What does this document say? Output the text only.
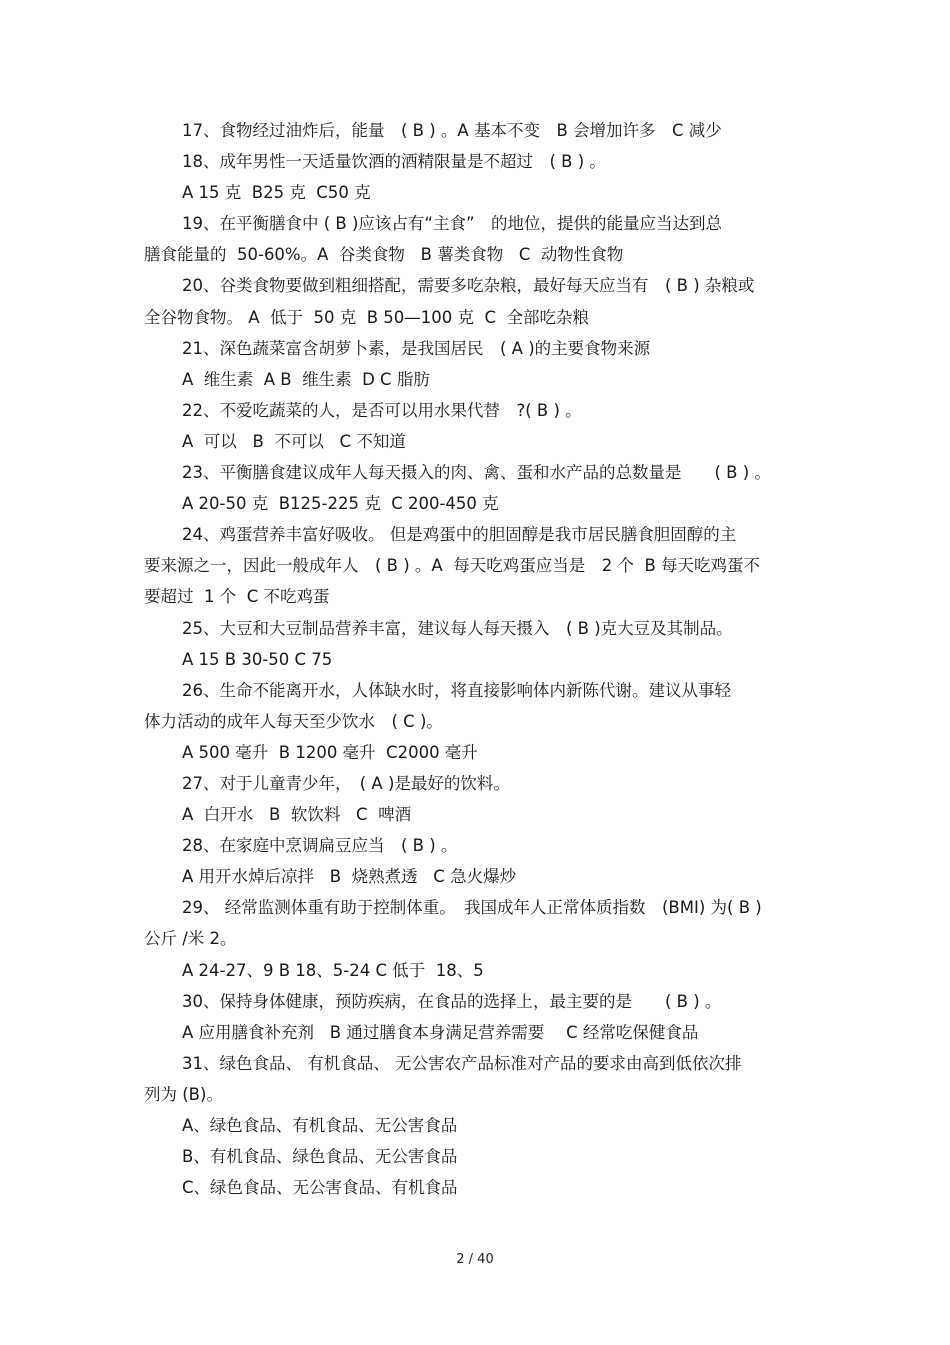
17、食物经过油炸后，能量　( B ) 。A 基本不变　B 会增加许多　C 减少
18、成年男性一天适量饮酒的酒精限量是不超过　( B ) 。
A 15 克  B25 克  C50 克
19、在平衡膳食中 ( B )应该占有“主食”　的地位，提供的能量应当达到总
膳食能量的  50-60%。A  谷类食物   B 薯类食物   C  动物性食物
20、谷类食物要做到粗细搭配，需要多吃杂粮，最好每天应当有　( B ) 杂粮或
全谷物食物。 A  低于  50 克  B 50—100 克  C  全部吃杂粮
21、深色蔬菜富含胡萝卜素，是我国居民　( A )的主要食物来源
A  维生素  A B  维生素  D C 脂肪
22、不爱吃蔬菜的人，是否可以用水果代替　?( B ) 。
A  可以   B  不可以   C 不知道
23、平衡膳食建议成年人每天摄入的肉、禽、蛋和水产品的总数量是　　( B ) 。
A 20-50 克  B125-225 克  C 200-450 克
24、鸡蛋营养丰富好吸收。 但是鸡蛋中的胆固醇是我市居民膳食胆固醇的主
要来源之一，因此一般成年人　( B ) 。A  每天吃鸡蛋应当是　2 个  B 每天吃鸡蛋不
要超过  1 个  C 不吃鸡蛋
25、大豆和大豆制品营养丰富，建议每人每天摄入　( B )克大豆及其制品。
A 15 B 30-50 C 75
26、生命不能离开水，人体缺水时，将直接影响体内新陈代谢。建议从事轻
体力活动的成年人每天至少饮水　( C )。
A 500 毫升  B 1200 毫升  C2000 毫升
27、对于儿童青少年，　( A )是最好的饮料。
A  白开水   B  软饮料   C  啤酒
28、在家庭中烹调扁豆应当　( B ) 。
A 用开水焯后凉拌   B  烧熟煮透   C 急火爆炒
29、 经常监测体重有助于控制体重。　我国成年人正常体质指数　(BMI) 为( B )
公斤 /米 2。
A 24-27、9 B 18、5-24 C 低于  18、5
30、保持身体健康，预防疾病，在食品的选择上，最主要的是　　( B ) 。
A 应用膳食补充剂   B 通过膳食本身满足营养需要　 C 经常吃保健食品
31、绿色食品、 有机食品、 无公害农产品标准对产品的要求由高到低依次排
列为 (B)。
A、绿色食品、有机食品、无公害食品
B、有机食品、绿色食品、无公害食品
C、绿色食品、无公害食品、有机食品
2 / 40
